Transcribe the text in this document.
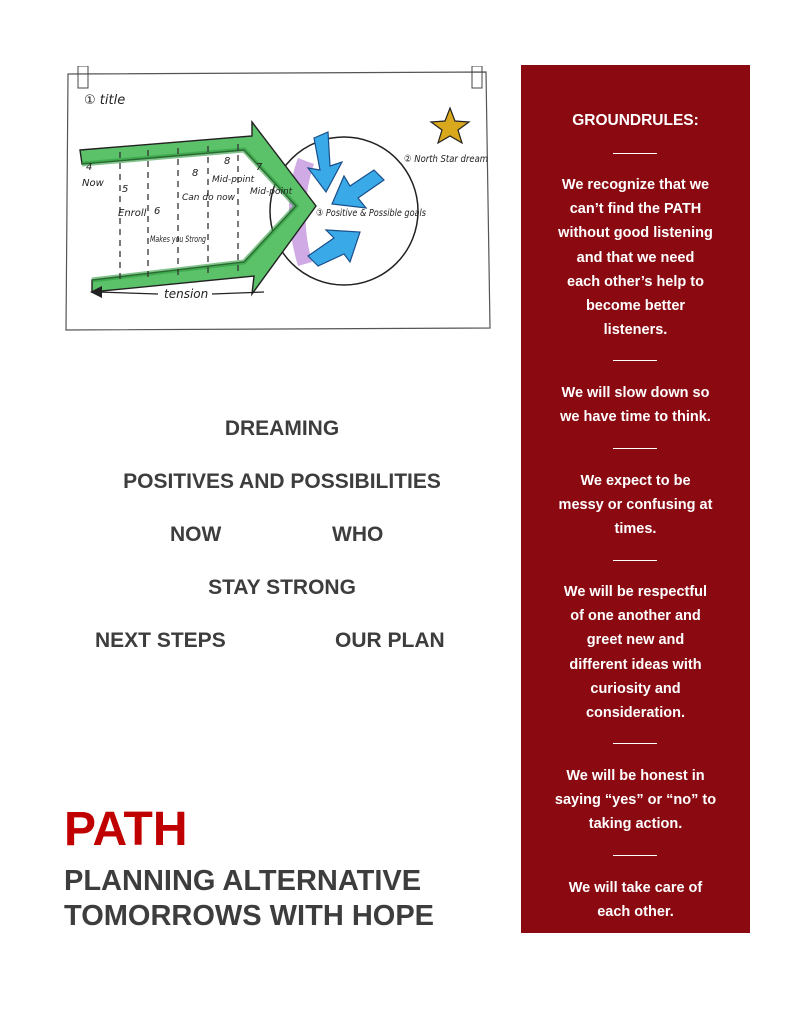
① title
4
Now
5
Enroll 6
Makes you Strong
8
Can do now
8
Mid-point
7
Mid-point
② North Star dream
③ Positive & Possible goals
tension
DREAMING
POSITIVES AND POSSIBILITIES
NOW	WHO
STAY STRONG
NEXT STEPS	OUR PLAN
PATH
PLANNING ALTERNATIVE
TOMORROWS WITH HOPE
GROUNDRULES:
We recognize that we
can’t find the PATH
without good listening
and that we need
each other’s help to
become better
listeners.
We will slow down so
we have time to think.
We expect to be
messy or confusing at
times.
We will be respectful
of one another and
greet new and
different ideas with
curiosity and
consideration.
We will be honest in
saying “yes” or “no” to
taking action.
We will take care of
each other.
